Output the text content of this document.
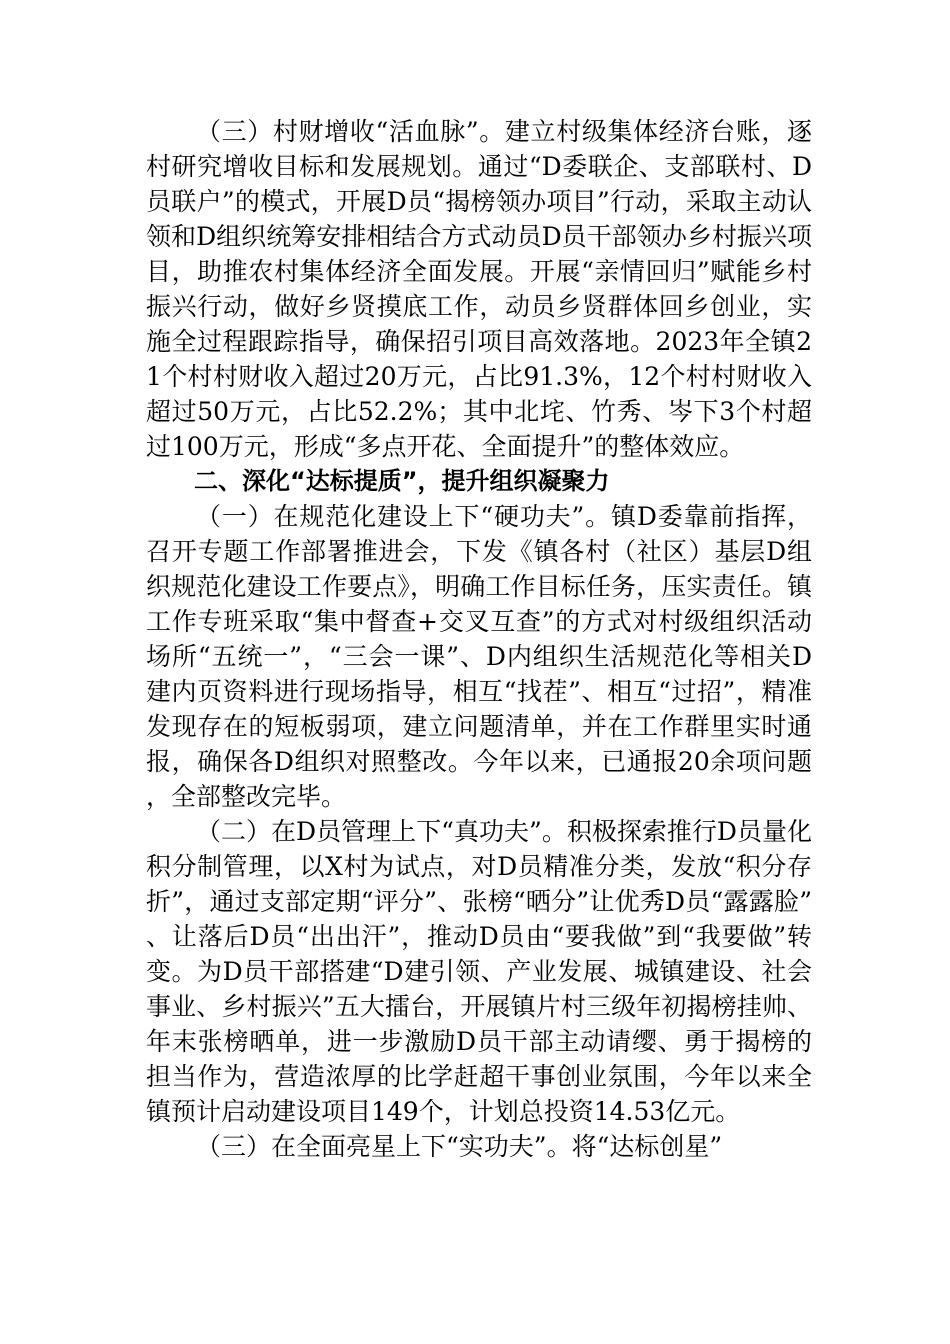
（三）村财增收“活血脉”。建立村级集体经济台账，逐村研究增收目标和发展规划。通过“D委联企、支部联村、D员联户”的模式，开展D员“揭榜领办项目”行动，采取主动认领和D组织统筹安排相结合方式动员D员干部领办乡村振兴项目，助推农村集体经济全面发展。开展“亲情回归”赋能乡村振兴行动，做好乡贤摸底工作，动员乡贤群体回乡创业，实施全过程跟踪指导，确保招引项目高效落地。2023年全镇21个村村财收入超过20万元，占比91.3%，12个村村财收入超过50万元，占比52.2%；其中北垞、竹秀、岑下3个村超过100万元，形成“多点开花、全面提升”的整体效应。

二、深化“达标提质”，提升组织凝聚力

（一）在规范化建设上下“硬功夫”。镇D委靠前指挥，召开专题工作部署推进会，下发《镇各村（社区）基层D组织规范化建设工作要点》，明确工作目标任务，压实责任。镇工作专班采取“集中督查+交叉互查”的方式对村级组织活动场所“五统一”，“三会一课”、D内组织生活规范化等相关D建内页资料进行现场指导，相互“找茬”、相互“过招”，精准发现存在的短板弱项，建立问题清单，并在工作群里实时通报，确保各D组织对照整改。今年以来，已通报20余项问题，全部整改完毕。

（二）在D员管理上下“真功夫”。积极探索推行D员量化积分制管理，以X村为试点，对D员精准分类，发放“积分存折”，通过支部定期“评分”、张榜“晒分”让优秀D员“露露脸”、让落后D员“出出汗”，推动D员由“要我做”到“我要做”转变。为D员干部搭建“D建引领、产业发展、城镇建设、社会事业、乡村振兴”五大擂台，开展镇片村三级年初揭榜挂帅、年末张榜晒单，进一步激励D员干部主动请缨、勇于揭榜的担当作为，营造浓厚的比学赶超干事创业氛围，今年以来全镇预计启动建设项目149个，计划总投资14.53亿元。

（三）在全面亮星上下“实功夫”。将“达标创星”
